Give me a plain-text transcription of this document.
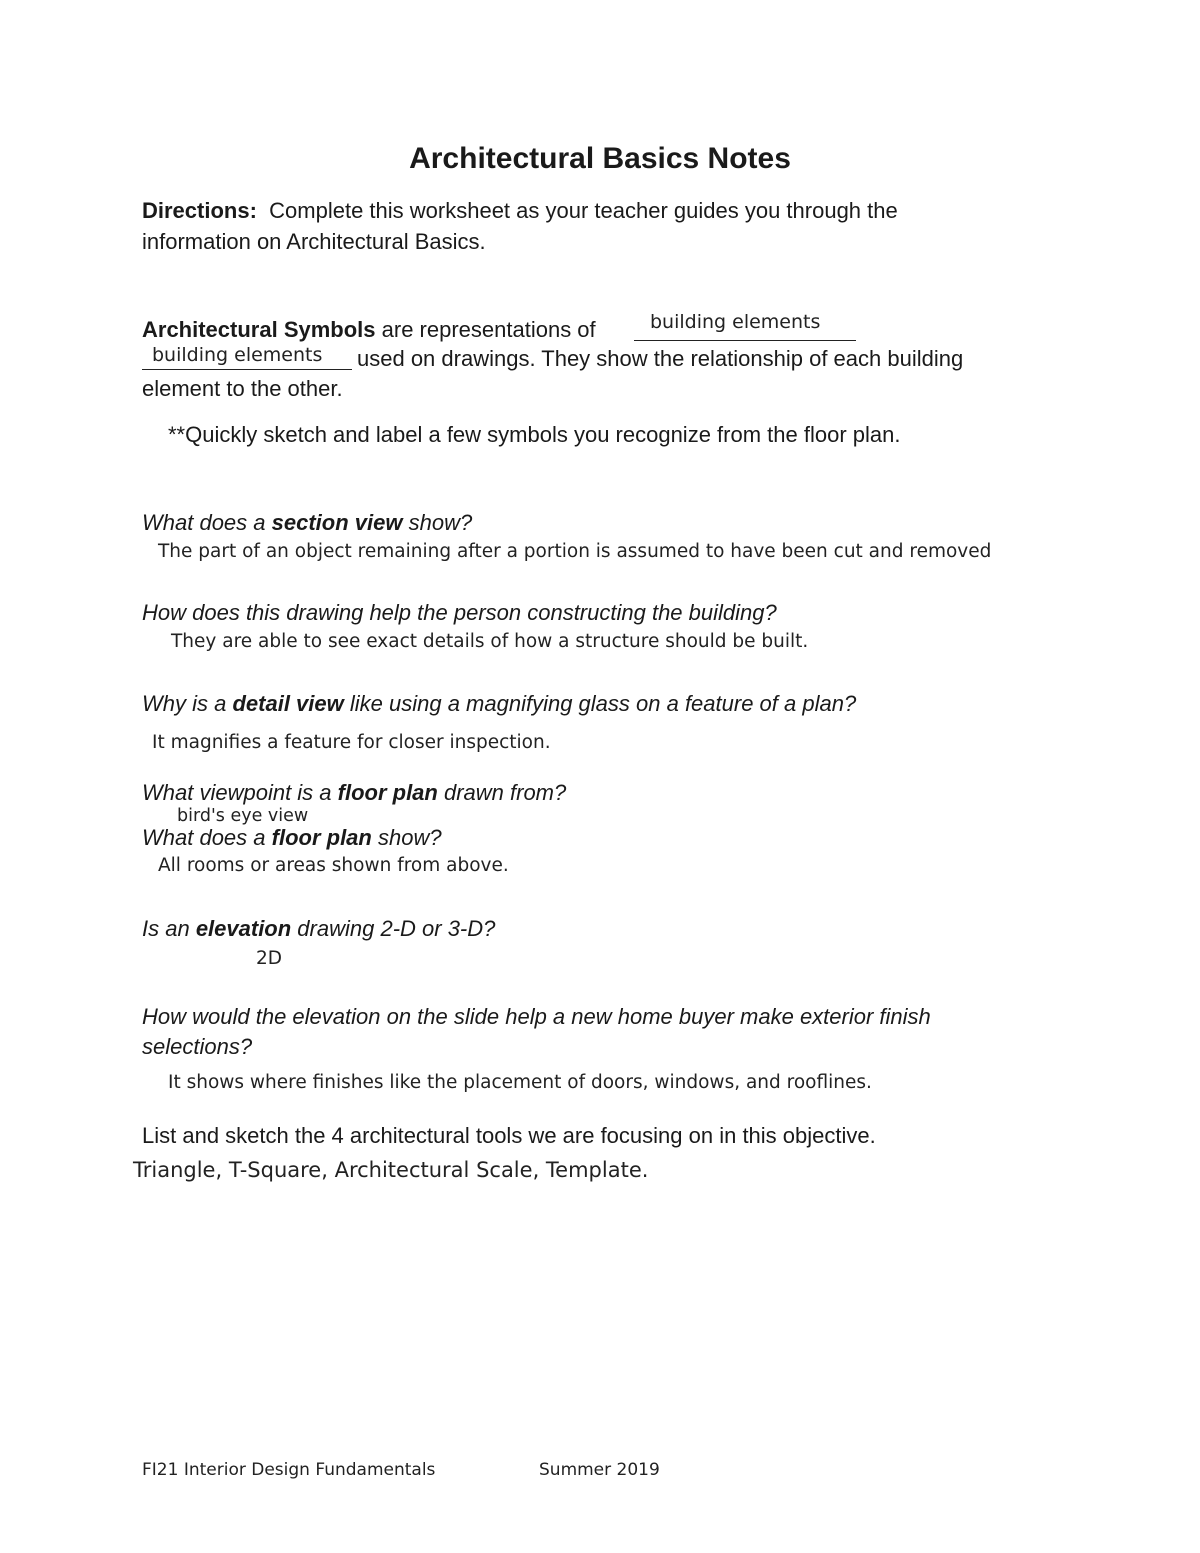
Architectural Basics Notes
Directions: Complete this worksheet as your teacher guides you through the
information on Architectural Basics.
Architectural Symbols are representations of	building elements
building elements used on drawings. They show the relationship of each building
element to the other.
**Quickly sketch and label a few symbols you recognize from the floor plan.
What does a section view show?
The part of an object remaining after a portion is assumed to have been cut and removed
How does this drawing help the person constructing the building?
They are able to see exact details of how a structure should be built.
Why is a detail view like using a magnifying glass on a feature of a plan?
It magnifies a feature for closer inspection.
What viewpoint is a floor plan drawn from?
bird's eye view
What does a floor plan show?
All rooms or areas shown from above.
Is an elevation drawing 2-D or 3-D?
2D
How would the elevation on the slide help a new home buyer make exterior finish
selections?
It shows where finishes like the placement of doors, windows, and rooflines.
List and sketch the 4 architectural tools we are focusing on in this objective.
Triangle, T-Square, Architectural Scale, Template.
FI21 Interior Design Fundamentals	Summer 2019
